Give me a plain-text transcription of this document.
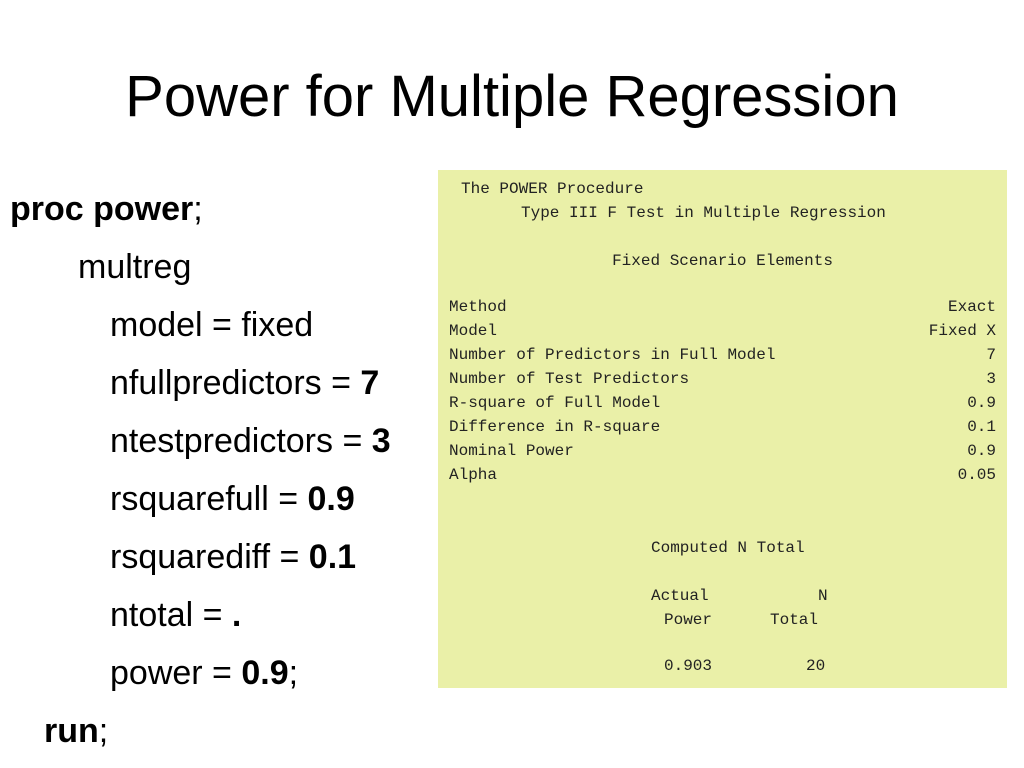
Power for Multiple Regression
proc power;
multreg
model = fixed
nfullpredictors = 7
ntestpredictors = 3
rsquarefull = 0.9
rsquarediff = 0.1
ntotal = .
power = 0.9;
run;
The POWER Procedure
Type III F Test in Multiple Regression
Fixed Scenario Elements
Method	Exact
Model	Fixed X
Number of Predictors in Full Model	7
Number of Test Predictors	3
R-square of Full Model	0.9
Difference in R-square	0.1
Nominal Power	0.9
Alpha	0.05
Computed N Total
Actual	N
Power	Total
0.903	20
